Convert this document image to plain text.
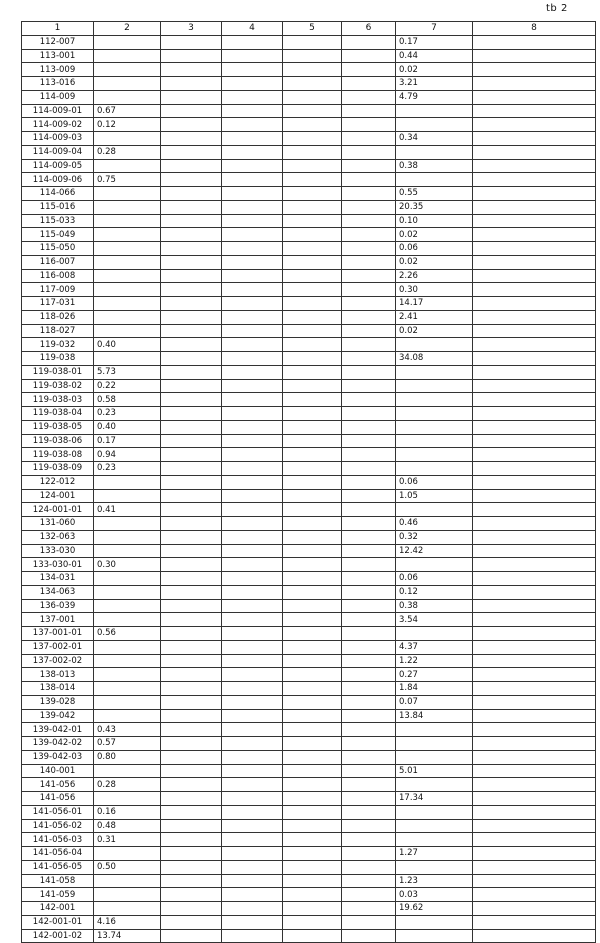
tb 2
1	2	3	4	5	6	7	8
112-007						0.17	
113-001						0.44	
113-009						0.02	
113-016						3.21	
114-009						4.79	
114-009-01	0.67						
114-009-02	0.12						
114-009-03						0.34	
114-009-04	0.28						
114-009-05						0.38	
114-009-06	0.75						
114-066						0.55	
115-016						20.35	
115-033						0.10	
115-049						0.02	
115-050						0.06	
116-007						0.02	
116-008						2.26	
117-009						0.30	
117-031						14.17	
118-026						2.41	
118-027						0.02	
119-032	0.40						
119-038						34.08	
119-038-01	5.73						
119-038-02	0.22						
119-038-03	0.58						
119-038-04	0.23						
119-038-05	0.40						
119-038-06	0.17						
119-038-08	0.94						
119-038-09	0.23						
122-012						0.06	
124-001						1.05	
124-001-01	0.41						
131-060						0.46	
132-063						0.32	
133-030						12.42	
133-030-01	0.30						
134-031						0.06	
134-063						0.12	
136-039						0.38	
137-001						3.54	
137-001-01	0.56						
137-002-01						4.37	
137-002-02						1.22	
138-013						0.27	
138-014						1.84	
139-028						0.07	
139-042						13.84	
139-042-01	0.43						
139-042-02	0.57						
139-042-03	0.80						
140-001						5.01	
141-056	0.28						
141-056						17.34	
141-056-01	0.16						
141-056-02	0.48						
141-056-03	0.31						
141-056-04						1.27	
141-056-05	0.50						
141-058						1.23	
141-059						0.03	
142-001						19.62	
142-001-01	4.16						
142-001-02	13.74						
